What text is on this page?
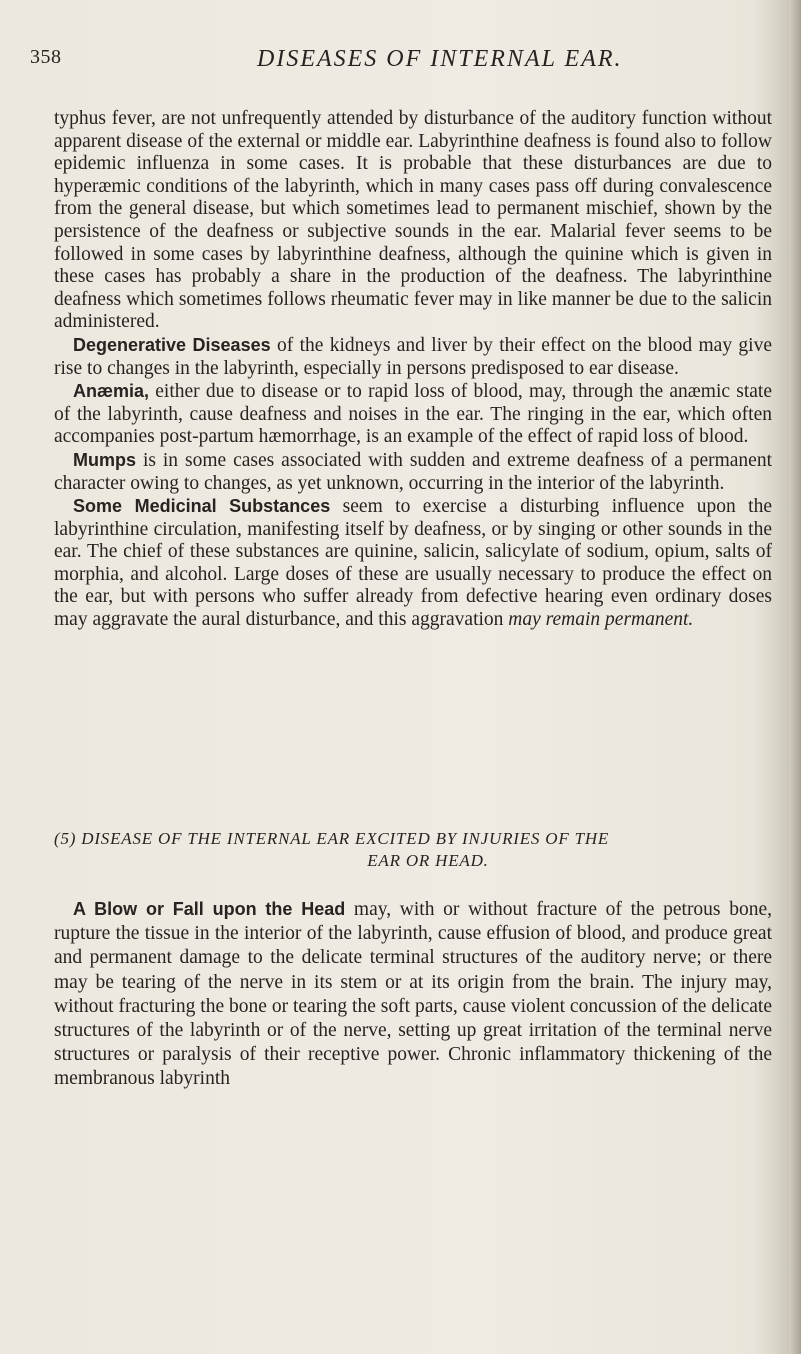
358	DISEASES OF INTERNAL EAR.

typhus fever, are not unfrequently attended by disturbance of the auditory function without apparent disease of the external or middle ear. Labyrinthine deafness is found also to follow epidemic influenza in some cases. It is probable that these disturbances are due to hyperæmic conditions of the labyrinth, which in many cases pass off during convalescence from the general disease, but which sometimes lead to permanent mischief, shown by the persistence of the deafness or subjective sounds in the ear. Malarial fever seems to be followed in some cases by labyrinthine deafness, although the quinine which is given in these cases has probably a share in the production of the deafness. The labyrinthine deafness which sometimes follows rheumatic fever may in like manner be due to the salicin administered.

Degenerative Diseases of the kidneys and liver by their effect on the blood may give rise to changes in the labyrinth, especially in persons predisposed to ear disease.

Anæmia, either due to disease or to rapid loss of blood, may, through the anæmic state of the labyrinth, cause deafness and noises in the ear. The ringing in the ear, which often accompanies post-partum hæmorrhage, is an example of the effect of rapid loss of blood.

Mumps is in some cases associated with sudden and extreme deafness of a permanent character owing to changes, as yet unknown, occurring in the interior of the labyrinth.

Some Medicinal Substances seem to exercise a disturbing influence upon the labyrinthine circulation, manifesting itself by deafness, or by singing or other sounds in the ear. The chief of these substances are quinine, salicin, salicylate of sodium, opium, salts of morphia, and alcohol. Large doses of these are usually necessary to produce the effect on the ear, but with persons who suffer already from defective hearing even ordinary doses may aggravate the aural disturbance, and this aggravation may remain permanent.

(5) DISEASE OF THE INTERNAL EAR EXCITED BY INJURIES OF THE
EAR OR HEAD.

A Blow or Fall upon the Head may, with or without fracture of the petrous bone, rupture the tissue in the interior of the labyrinth, cause effusion of blood, and produce great and permanent damage to the delicate terminal structures of the auditory nerve; or there may be tearing of the nerve in its stem or at its origin from the brain. The injury may, without fracturing the bone or tearing the soft parts, cause violent concussion of the delicate structures of the labyrinth or of the nerve, setting up great irritation of the terminal nerve structures or paralysis of their receptive power. Chronic inflammatory thickening of the membranous labyrinth
